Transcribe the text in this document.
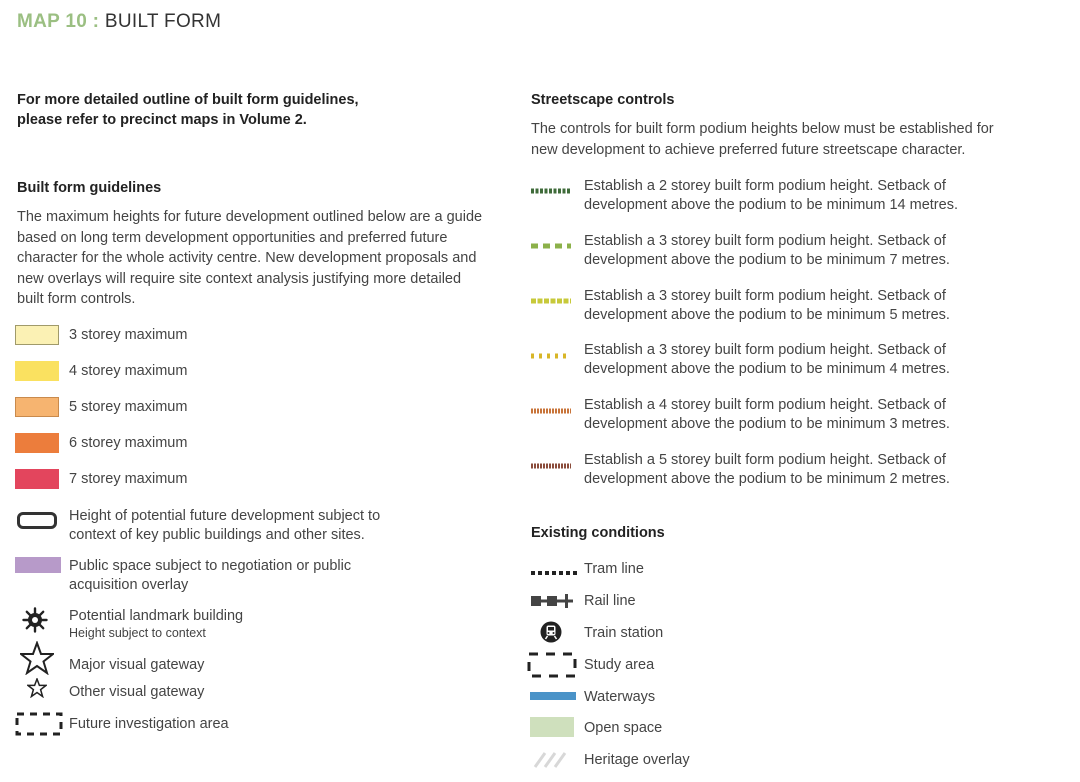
MAP 10 : BUILT FORM
For more detailed outline of built form guidelines, please refer to precinct maps in Volume 2.
Built form guidelines
The maximum heights for future development outlined below are a guide based on long term development opportunities and preferred future character for the whole activity centre. New development proposals and new overlays will require site context analysis justifying more detailed built form controls.
3 storey maximum
4 storey maximum
5 storey maximum
6 storey maximum
7 storey maximum
Height of potential future development subject to context of key public buildings and other sites.
Public space subject to negotiation or public acquisition overlay
Potential landmark building
Height subject to context
Major visual gateway
Other visual gateway
Future investigation area
Streetscape controls
The controls for built form podium heights below must be established for new development to achieve preferred future streetscape character.
Establish a 2 storey built form podium height. Setback of development above the podium to be minimum 14 metres.
Establish a 3 storey built form podium height. Setback of development above the podium to be minimum 7 metres.
Establish a 3 storey built form podium height. Setback of development above the podium to be minimum 5 metres.
Establish a 3 storey built form podium height. Setback of development above the podium to be minimum 4 metres.
Establish a 4 storey built form podium height. Setback of development above the podium to be minimum 3 metres.
Establish a 5 storey built form podium height. Setback of development above the podium to be minimum 2 metres.
Existing conditions
Tram line
Rail line
Train station
Study area
Waterways
Open space
Heritage overlay
